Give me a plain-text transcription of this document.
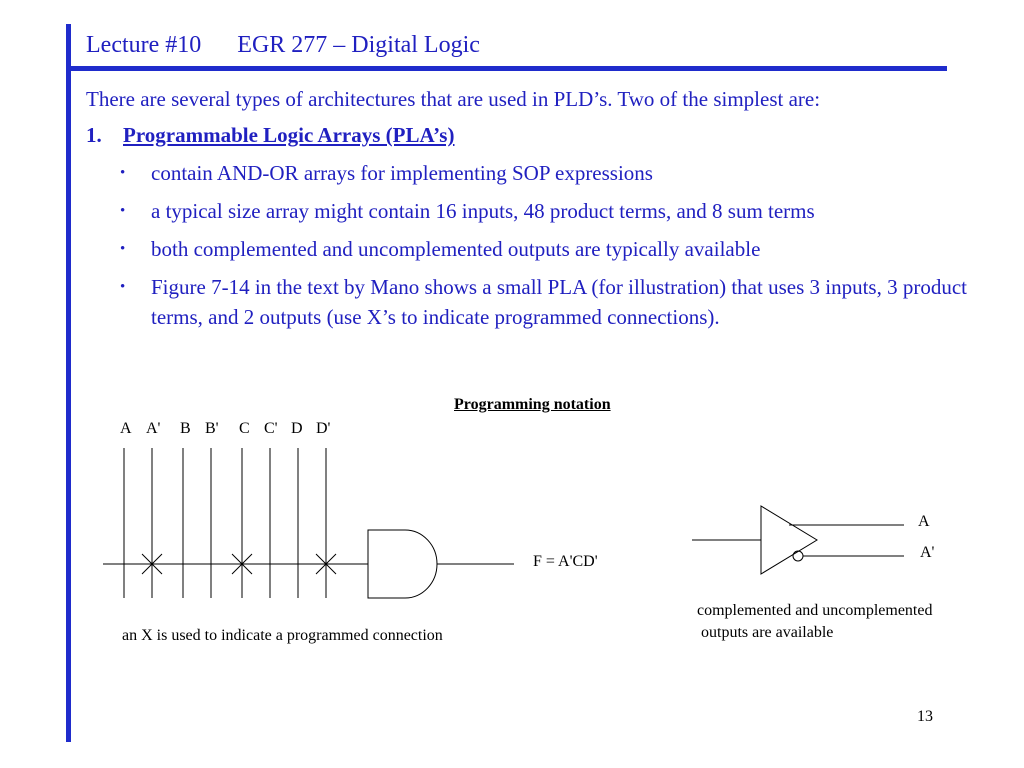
Lecture #10      EGR 277 – Digital Logic
There are several types of architectures that are used in PLD’s. Two of the simplest are:
1. Programmable Logic Arrays (PLA’s)
• contain AND-OR arrays for implementing SOP expressions
• a typical size array might contain 16 inputs, 48 product terms, and 8 sum terms
• both complemented and uncomplemented outputs are typically available
• Figure 7-14 in the text by Mano shows a small PLA (for illustration) that uses 3 inputs, 3 product terms, and 2 outputs (use X’s to indicate programmed connections).
Programming notation
A A' B B' C C' D D'
F = A'CD'
an X is used to indicate a programmed connection
A
A'
complemented and uncomplemented
outputs are available
13
